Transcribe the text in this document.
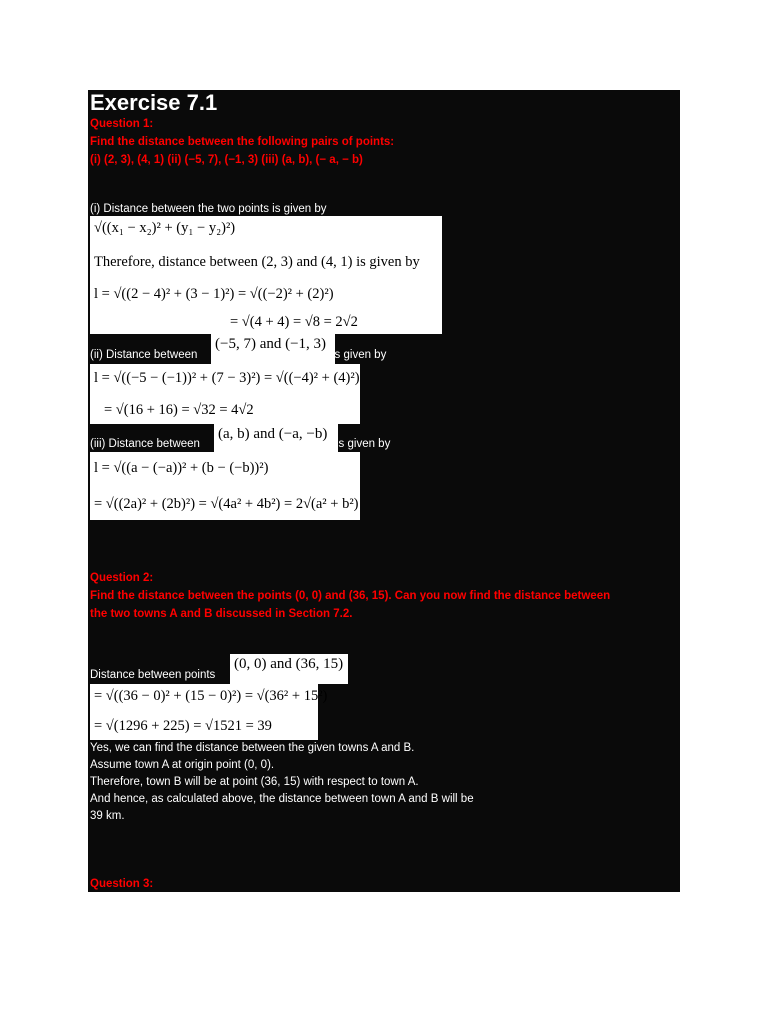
Exercise 7.1
Question 1:
Find the distance between the following pairs of points:
(i) (2, 3), (4, 1) (ii) (−5, 7), (−1, 3) (iii) (a, b), (− a, − b)
(i) Distance between the two points is given by
√((x₁ − x₂)² + (y₁ − y₂)²)
Therefore, distance between (2, 3) and (4, 1) is given by
l = √((2 − 4)² + (3 − 1)²) = √((−2)² + (2)²)
= √(4 + 4) = √8 = 2√2
(ii) Distance between
(−5, 7) and (−1, 3)
is given by
l = √((−5 − (−1))² + (7 − 3)²) = √((−4)² + (4)²)
= √(16 + 16) = √32 = 4√2
(iii) Distance between
(a, b) and (−a, −b)
is given by
l = √((a − (−a))² + (b − (−b))²)
= √((2a)² + (2b)²) = √(4a² + 4b²) = 2√(a² + b²)
Question 2:
Find the distance between the points (0, 0) and (36, 15). Can you now find the distance between
the two towns A and B discussed in Section 7.2.
Distance between points
(0, 0) and (36, 15)
= √((36 − 0)² + (15 − 0)²) = √(36² + 15²)
= √(1296 + 225) = √1521 = 39
Yes, we can find the distance between the given towns A and B.
Assume town A at origin point (0, 0).
Therefore, town B will be at point (36, 15) with respect to town A.
And hence, as calculated above, the distance between town A and B will be
39 km.
Question 3:
